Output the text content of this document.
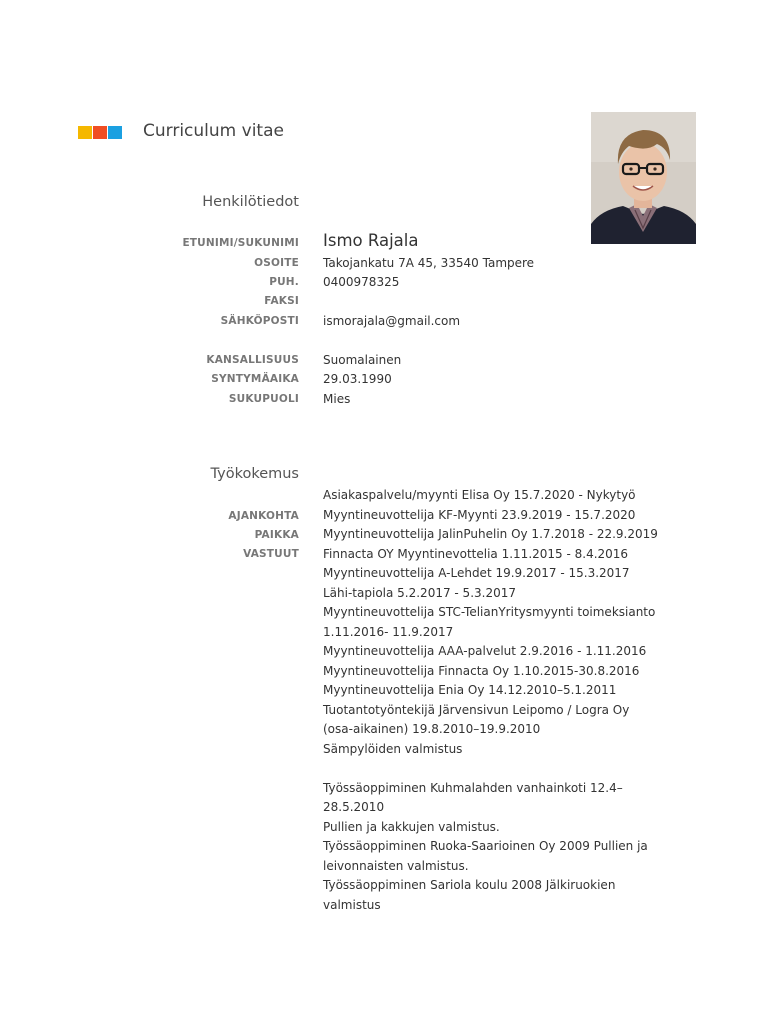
Curriculum vitae
Henkilötiedot
ETUNIMI/SUKUNIMI Ismo Rajala
OSOITE Takojankatu 7A 45, 33540 Tampere
PUH. 0400978325
FAKSI
SÄHKÖPOSTI ismorajala@gmail.com
KANSALLISUUS Suomalainen
SYNTYMÄAIKA 29.03.1990
SUKUPUOLI Mies
Työkokemus
AJANKOHTA
PAIKKA
VASTUUT
Asiakaspalvelu/myynti Elisa Oy 15.7.2020 - Nykytyö
Myyntineuvottelija KF-Myynti 23.9.2019 - 15.7.2020
Myyntineuvottelija JalinPuhelin Oy 1.7.2018 - 22.9.2019
Finnacta OY Myyntinevottelia 1.11.2015 - 8.4.2016
Myyntineuvottelija A-Lehdet 19.9.2017 - 15.3.2017
Lähi-tapiola 5.2.2017 - 5.3.2017
Myyntineuvottelija STC-TelianYritysmyynti toimeksianto
1.11.2016- 11.9.2017
Myyntineuvottelija AAA-palvelut 2.9.2016 - 1.11.2016
Myyntineuvottelija Finnacta Oy 1.10.2015-30.8.2016
Myyntineuvottelija Enia Oy 14.12.2010–5.1.2011
Tuotantotyöntekijä Järvensivun Leipomo / Logra Oy
(osa-aikainen) 19.8.2010–19.9.2010
Sämpylöiden valmistus
Työssäoppiminen Kuhmalahden vanhainkoti 12.4–
28.5.2010
Pullien ja kakkujen valmistus.
Työssäoppiminen Ruoka-Saarioinen Oy 2009 Pullien ja
leivonnaisten valmistus.
Työssäoppiminen Sariola koulu 2008 Jälkiruokien
valmistus
